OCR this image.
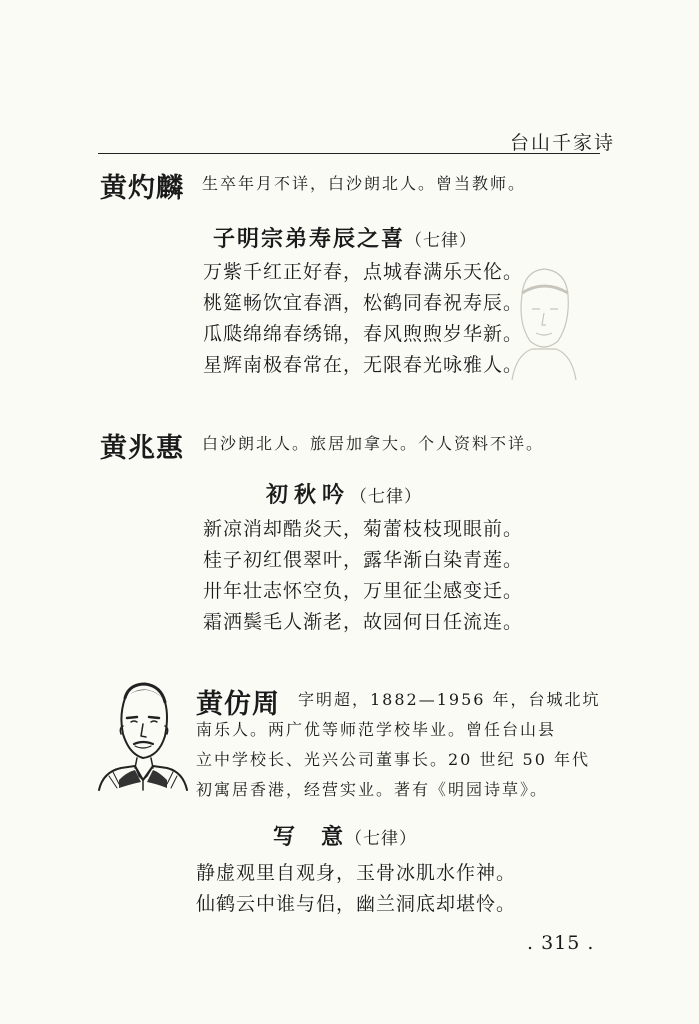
台山千家诗
黄灼麟 生卒年月不详，白沙朗北人。曾当教师。
子明宗弟寿辰之喜（七律）
万紫千红正好春，点城春满乐天伦。
桃筵畅饮宜春酒，松鹤同春祝寿辰。
瓜瓞绵绵春绣锦，春风煦煦岁华新。
星辉南极春常在，无限春光咏雅人。
黄兆惠 白沙朗北人。旅居加拿大。个人资料不详。
初秋吟（七律）
新凉消却酷炎天，菊蕾枝枝现眼前。
桂子初红偎翠叶，露华渐白染青莲。
卅年壮志怀空负，万里征尘感变迁。
霜洒鬓毛人渐老，故园何日任流连。
黄仿周 字明超，1882—1956 年，台城北坑
南乐人。两广优等师范学校毕业。曾任台山县
立中学校长、光兴公司董事长。20 世纪 50 年代
初寓居香港，经营实业。著有《明园诗草》。
写　意（七律）
静虚观里自观身，玉骨冰肌水作神。
仙鹤云中谁与侣，幽兰洞底却堪怜。
. 315 .
